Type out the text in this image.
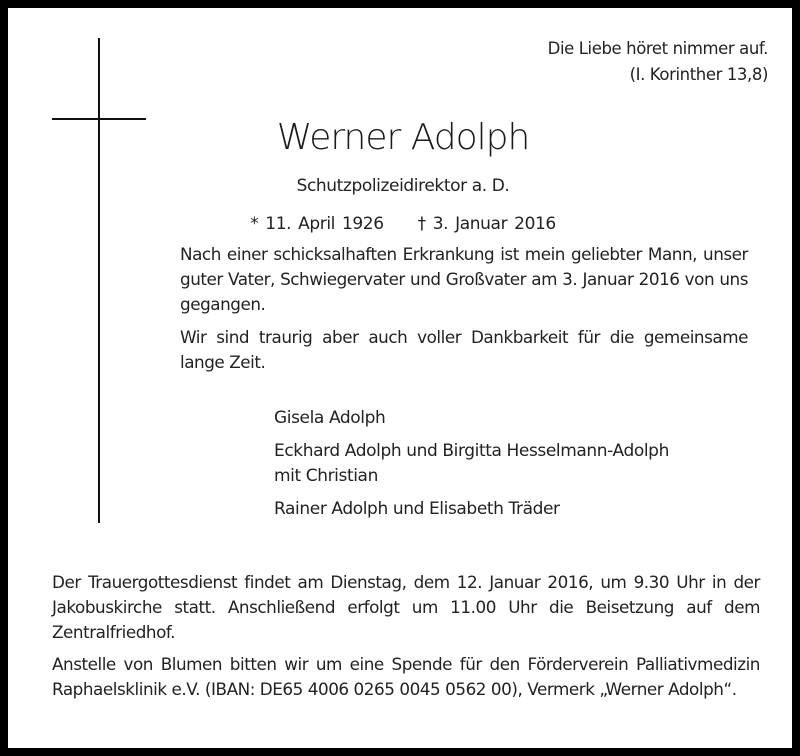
Die Liebe höret nimmer auf.
(I. Korinther 13,8)
Werner Adolph
Schutzpolizeidirektor a. D.
* 11. April 1926 † 3. Januar 2016

Nach einer schicksalhaften Erkrankung ist mein geliebter Mann, unser guter Vater, Schwiegervater und Großvater am 3. Januar 2016 von uns gegangen.

Wir sind traurig aber auch voller Dankbarkeit für die gemeinsame lange Zeit.

Gisela Adolph
Eckhard Adolph und Birgitta Hesselmann-Adolph
mit Christian
Rainer Adolph und Elisabeth Träder

Der Trauergottesdienst findet am Dienstag, dem 12. Januar 2016, um 9.30 Uhr in der Jakobuskirche statt. Anschließend erfolgt um 11.00 Uhr die Beisetzung auf dem Zentralfriedhof.

Anstelle von Blumen bitten wir um eine Spende für den Förderverein Palliativmedizin Raphaelsklinik e.V. (IBAN: DE65 4006 0265 0045 0562 00), Vermerk „Werner Adolph“.
